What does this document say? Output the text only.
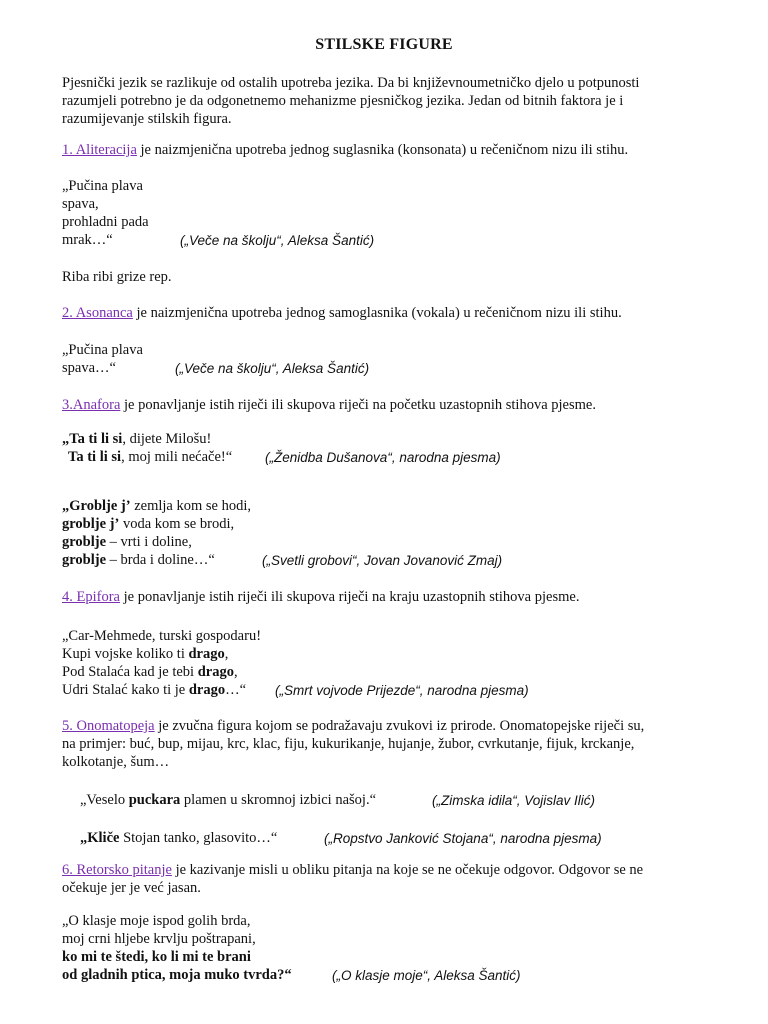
STILSKE FIGURE
Pjesnički jezik se razlikuje od ostalih upotreba jezika. Da bi književnoumetničko djelo u potpunosti
razumjeli potrebno je da odgonetnemo mehanizme pjesničkog jezika. Jedan od bitnih faktora je i
razumijevanje stilskih figura.
1. Aliteracija je naizmjenična upotreba jednog suglasnika (konsonata) u rečeničnom nizu ili stihu.
„Pučina plava
spava,
prohladni pada
mrak…“	(„Veče na školju“, Aleksa Šantić)
Riba ribi grize rep.
2. Asonanca je naizmjenična upotreba jednog samoglasnika (vokala) u rečeničnom nizu ili stihu.
„Pučina plava
spava…“	(„Veče na školju“, Aleksa Šantić)
3.Anafora je ponavljanje istih riječi ili skupova riječi na početku uzastopnih stihova pjesme.
„Ta ti li si, dijete Milošu!
Ta ti li si, moj mili nećače!“ („Ženidba Dušanova“, narodna pjesma)
„Groblje j’ zemlja kom se hodi,
groblje j’ voda kom se brodi,
groblje – vrti i doline,
groblje – brda i doline…“	(„Svetli grobovi“, Jovan Jovanović Zmaj)
4. Epifora je ponavljanje istih riječi ili skupova riječi na kraju uzastopnih stihova pjesme.
„Car-Mehmede, turski gospodaru!
Kupi vojske koliko ti drago,
Pod Stalaća kad je tebi drago,
Udri Stalać kako ti je drago…“ („Smrt vojvode Prijezde“, narodna pjesma)
5. Onomatopeja je zvučna figura kojom se podražavaju zvukovi iz prirode. Onomatopejske riječi su,
na primjer: buć, bup, mijau, krc, klac, fiju, kukurikanje, hujanje, žubor, cvrkutanje, fijuk, krckanje,
kolkotanje, šum…
„Veselo puckara plamen u skromnoj izbici našoj.“	(„Zimska idila“, Vojislav Ilić)
„Kliče Stojan tanko, glasovito…“	(„Ropstvo Janković Stojana“, narodna pjesma)
6. Retorsko pitanje je kazivanje misli u obliku pitanja na koje se ne očekuje odgovor. Odgovor se ne
očekuje jer je već jasan.
„O klasje moje ispod golih brda,
moj crni hljebe krvlju poštrapani,
ko mi te štedi, ko li mi te brani
od gladnih ptica, moja muko tvrda?“	(„O klasje moje“, Aleksa Šantić)
